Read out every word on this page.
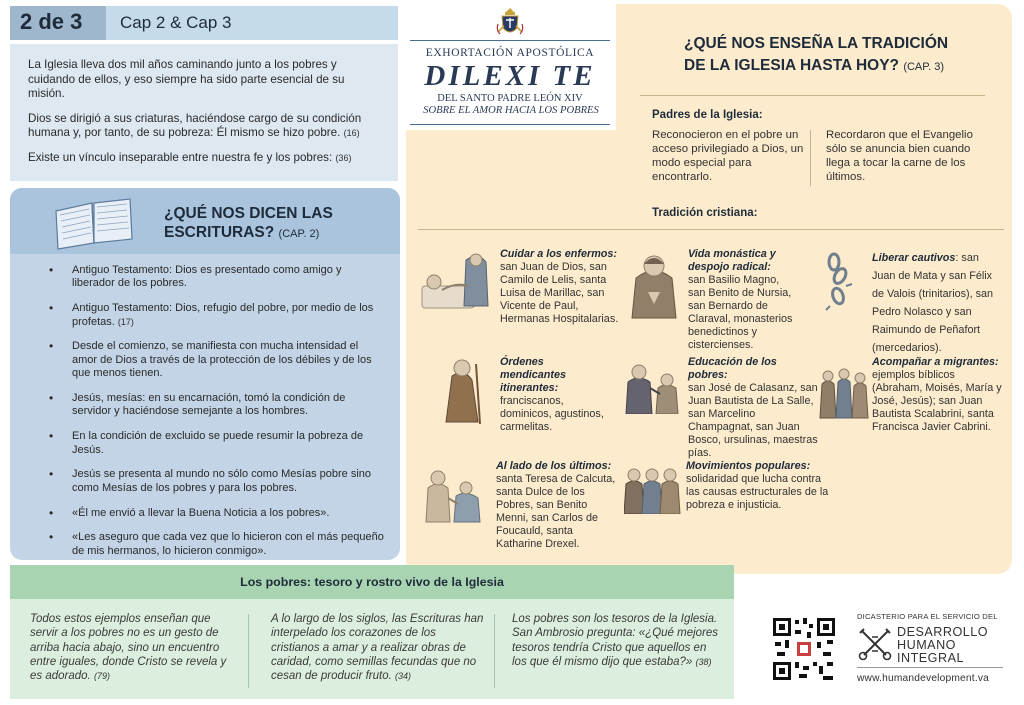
2 de 3 Cap 2 & Cap 3

La Iglesia lleva dos mil años caminando junto a los pobres y cuidando de ellos, y eso siempre ha sido parte esencial de su misión.

Dios se dirigió a sus criaturas, haciéndose cargo de su condición humana y, por tanto, de su pobreza: Él mismo se hizo pobre. (16)

Existe un vínculo inseparable entre nuestra fe y los pobres: (36)

¿QUÉ NOS DICEN LAS ESCRITURAS? (CAP. 2)
• Antiguo Testamento: Dios es presentado como amigo y liberador de los pobres.
• Antiguo Testamento: Dios, refugio del pobre, por medio de los profetas. (17)
• Desde el comienzo, se manifiesta con mucha intensidad el amor de Dios a través de la protección de los débiles y de los que menos tienen.
• Jesús, mesías: en su encarnación, tomó la condición de servidor y haciéndose semejante a los hombres.
• En la condición de excluido se puede resumir la pobreza de Jesús.
• Jesús se presenta al mundo no sólo como Mesías pobre sino como Mesías de los pobres y para los pobres.
• «Él me envió a llevar la Buena Noticia a los pobres».
• «Les aseguro que cada vez que lo hicieron con el más pequeño de mis hermanos, lo hicieron conmigo».
EXHORTACIÓN APOSTÓLICA
DILEXI TE
DEL SANTO PADRE LEÓN XIV
SOBRE EL AMOR HACIA LOS POBRES
¿QUÉ NOS ENSEÑA LA TRADICIÓN
DE LA IGLESIA HASTA HOY? (CAP. 3)
Padres de la Iglesia:
Reconocieron en el pobre un acceso privilegiado a Dios, un modo especial para encontrarlo.
Recordaron que el Evangelio sólo se anuncia bien cuando llega a tocar la carne de los últimos.
Tradición cristiana:
Cuidar a los enfermos:
san Juan de Dios, san Camilo de Lelis, santa Luisa de Marillac, san Vicente de Paul, Hermanas Hospitalarias.
Vida monástica y despojo radical:
san Basilio Magno, san Benito de Nursia, san Bernardo de Claraval, monasterios benedictinos y cistercienses.
Liberar cautivos: san Juan de Mata y san Félix de Valois (trinitarios), san Pedro Nolasco y san Raimundo de Peñafort (mercedarios).
Órdenes mendicantes itinerantes:
franciscanos, dominicos, agustinos, carmelitas.
Educación de los pobres:
san José de Calasanz, san Juan Bautista de La Salle, san Marcelino Champagnat, san Juan Bosco, ursulinas, maestras pías.
Acompañar a migrantes:
ejemplos bíblicos (Abraham, Moisés, María y José, Jesús); san Juan Bautista Scalabrini, santa Francisca Javier Cabrini.
Al lado de los últimos:
santa Teresa de Calcuta, santa Dulce de los Pobres, san Benito Menni, san Carlos de Foucauld, santa Katharine Drexel.
Movimientos populares:
solidaridad que lucha contra las causas estructurales de la pobreza e injusticia.
Los pobres: tesoro y rostro vivo de la Iglesia
Todos estos ejemplos enseñan que servir a los pobres no es un gesto de arriba hacia abajo, sino un encuentro entre iguales, donde Cristo se revela y es adorado. (79)
A lo largo de los siglos, las Escrituras han interpelado los corazones de los cristianos a amar y a realizar obras de caridad, como semillas fecundas que no cesan de producir fruto. (34)
Los pobres son los tesoros de la Iglesia. San Ambrosio pregunta: «¿Qué mejores tesoros tendría Cristo que aquellos en los que él mismo dijo que estaba?» (38)
DICASTERIO PARA EL SERVICIO DEL
DESARROLLO
HUMANO
INTEGRAL
www.humandevelopment.va
